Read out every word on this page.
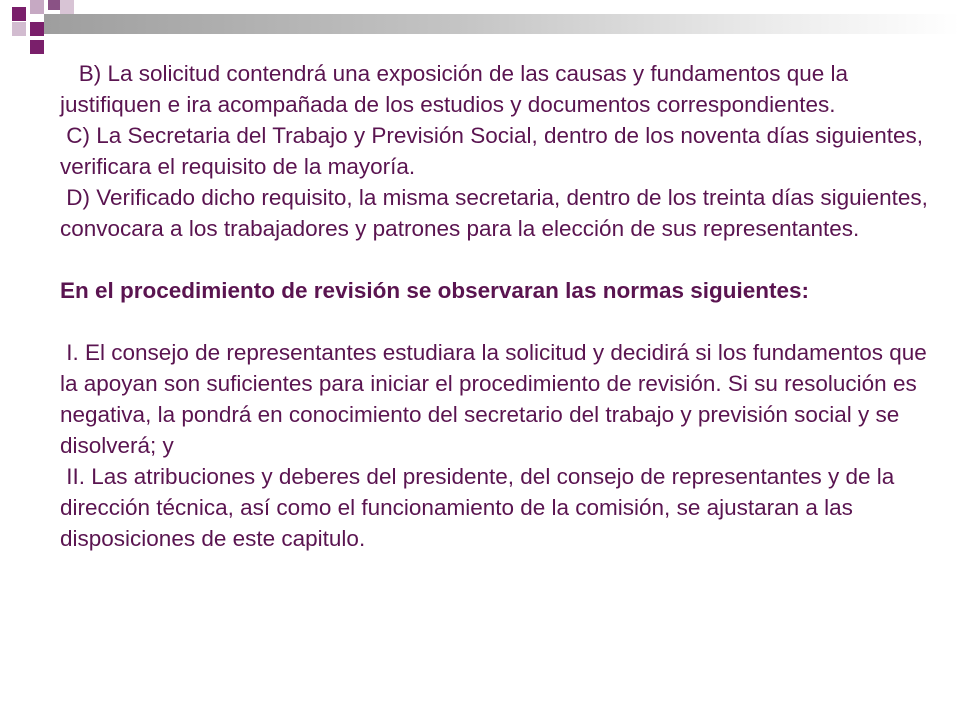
B) La solicitud contendrá una exposición de las causas y fundamentos que la justifiquen e ira acompañada de los estudios y documentos correspondientes.

C) La Secretaria del Trabajo y Previsión Social, dentro de los noventa días siguientes, verificara el requisito de la mayoría.

D) Verificado dicho requisito, la misma secretaria, dentro de los treinta días siguientes, convocara a los trabajadores y patrones para la elección de sus representantes.

En el procedimiento de revisión se observaran las normas siguientes:

I. El consejo de representantes estudiara la solicitud y decidirá si los fundamentos que la apoyan son suficientes para iniciar el procedimiento de revisión. Si su resolución es negativa, la pondrá en conocimiento del secretario del trabajo y previsión social y se disolverá; y

II. Las atribuciones y deberes del presidente, del consejo de representantes y de la dirección técnica, así como el funcionamiento de la comisión, se ajustaran a las disposiciones de este capitulo.
